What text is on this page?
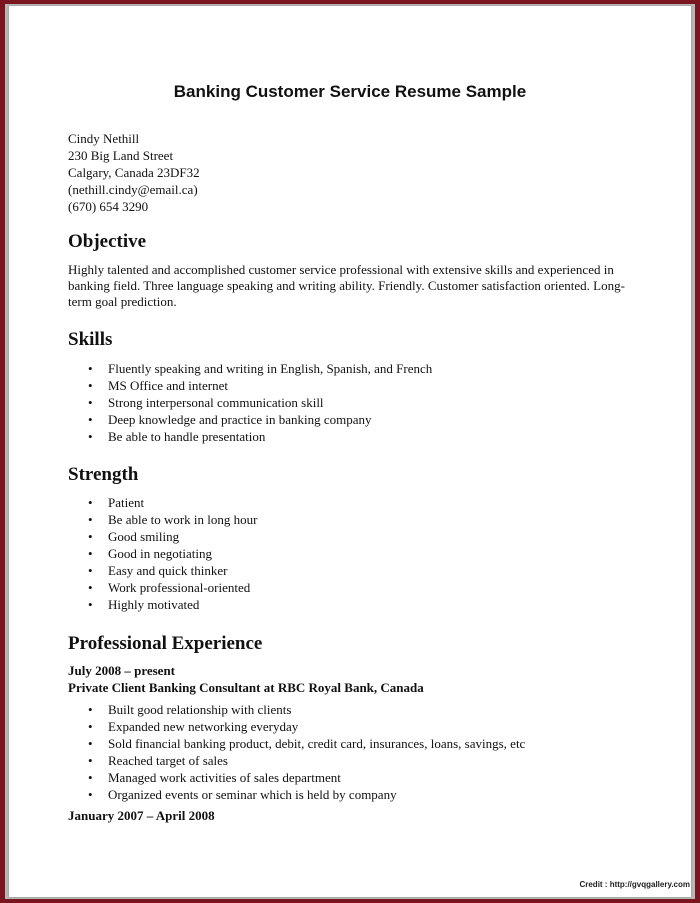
Banking Customer Service Resume Sample
Cindy Nethill
230 Big Land Street
Calgary, Canada 23DF32
(nethill.cindy@email.ca)
(670) 654 3290
Objective

Highly talented and accomplished customer service professional with extensive skills and experienced in banking field. Three language speaking and writing ability. Friendly. Customer satisfaction oriented. Long-term goal prediction.

Skills
• Fluently speaking and writing in English, Spanish, and French
• MS Office and internet
• Strong interpersonal communication skill
• Deep knowledge and practice in banking company
• Be able to handle presentation
Strength
• Patient
• Be able to work in long hour
• Good smiling
• Good in negotiating
• Easy and quick thinker
• Work professional-oriented
• Highly motivated
Professional Experience
July 2008 – present
Private Client Banking Consultant at RBC Royal Bank, Canada
• Built good relationship with clients
• Expanded new networking everyday
• Sold financial banking product, debit, credit card, insurances, loans, savings, etc
• Reached target of sales
• Managed work activities of sales department
• Organized events or seminar which is held by company
January 2007 – April 2008
Credit : http://gvqgallery.com
